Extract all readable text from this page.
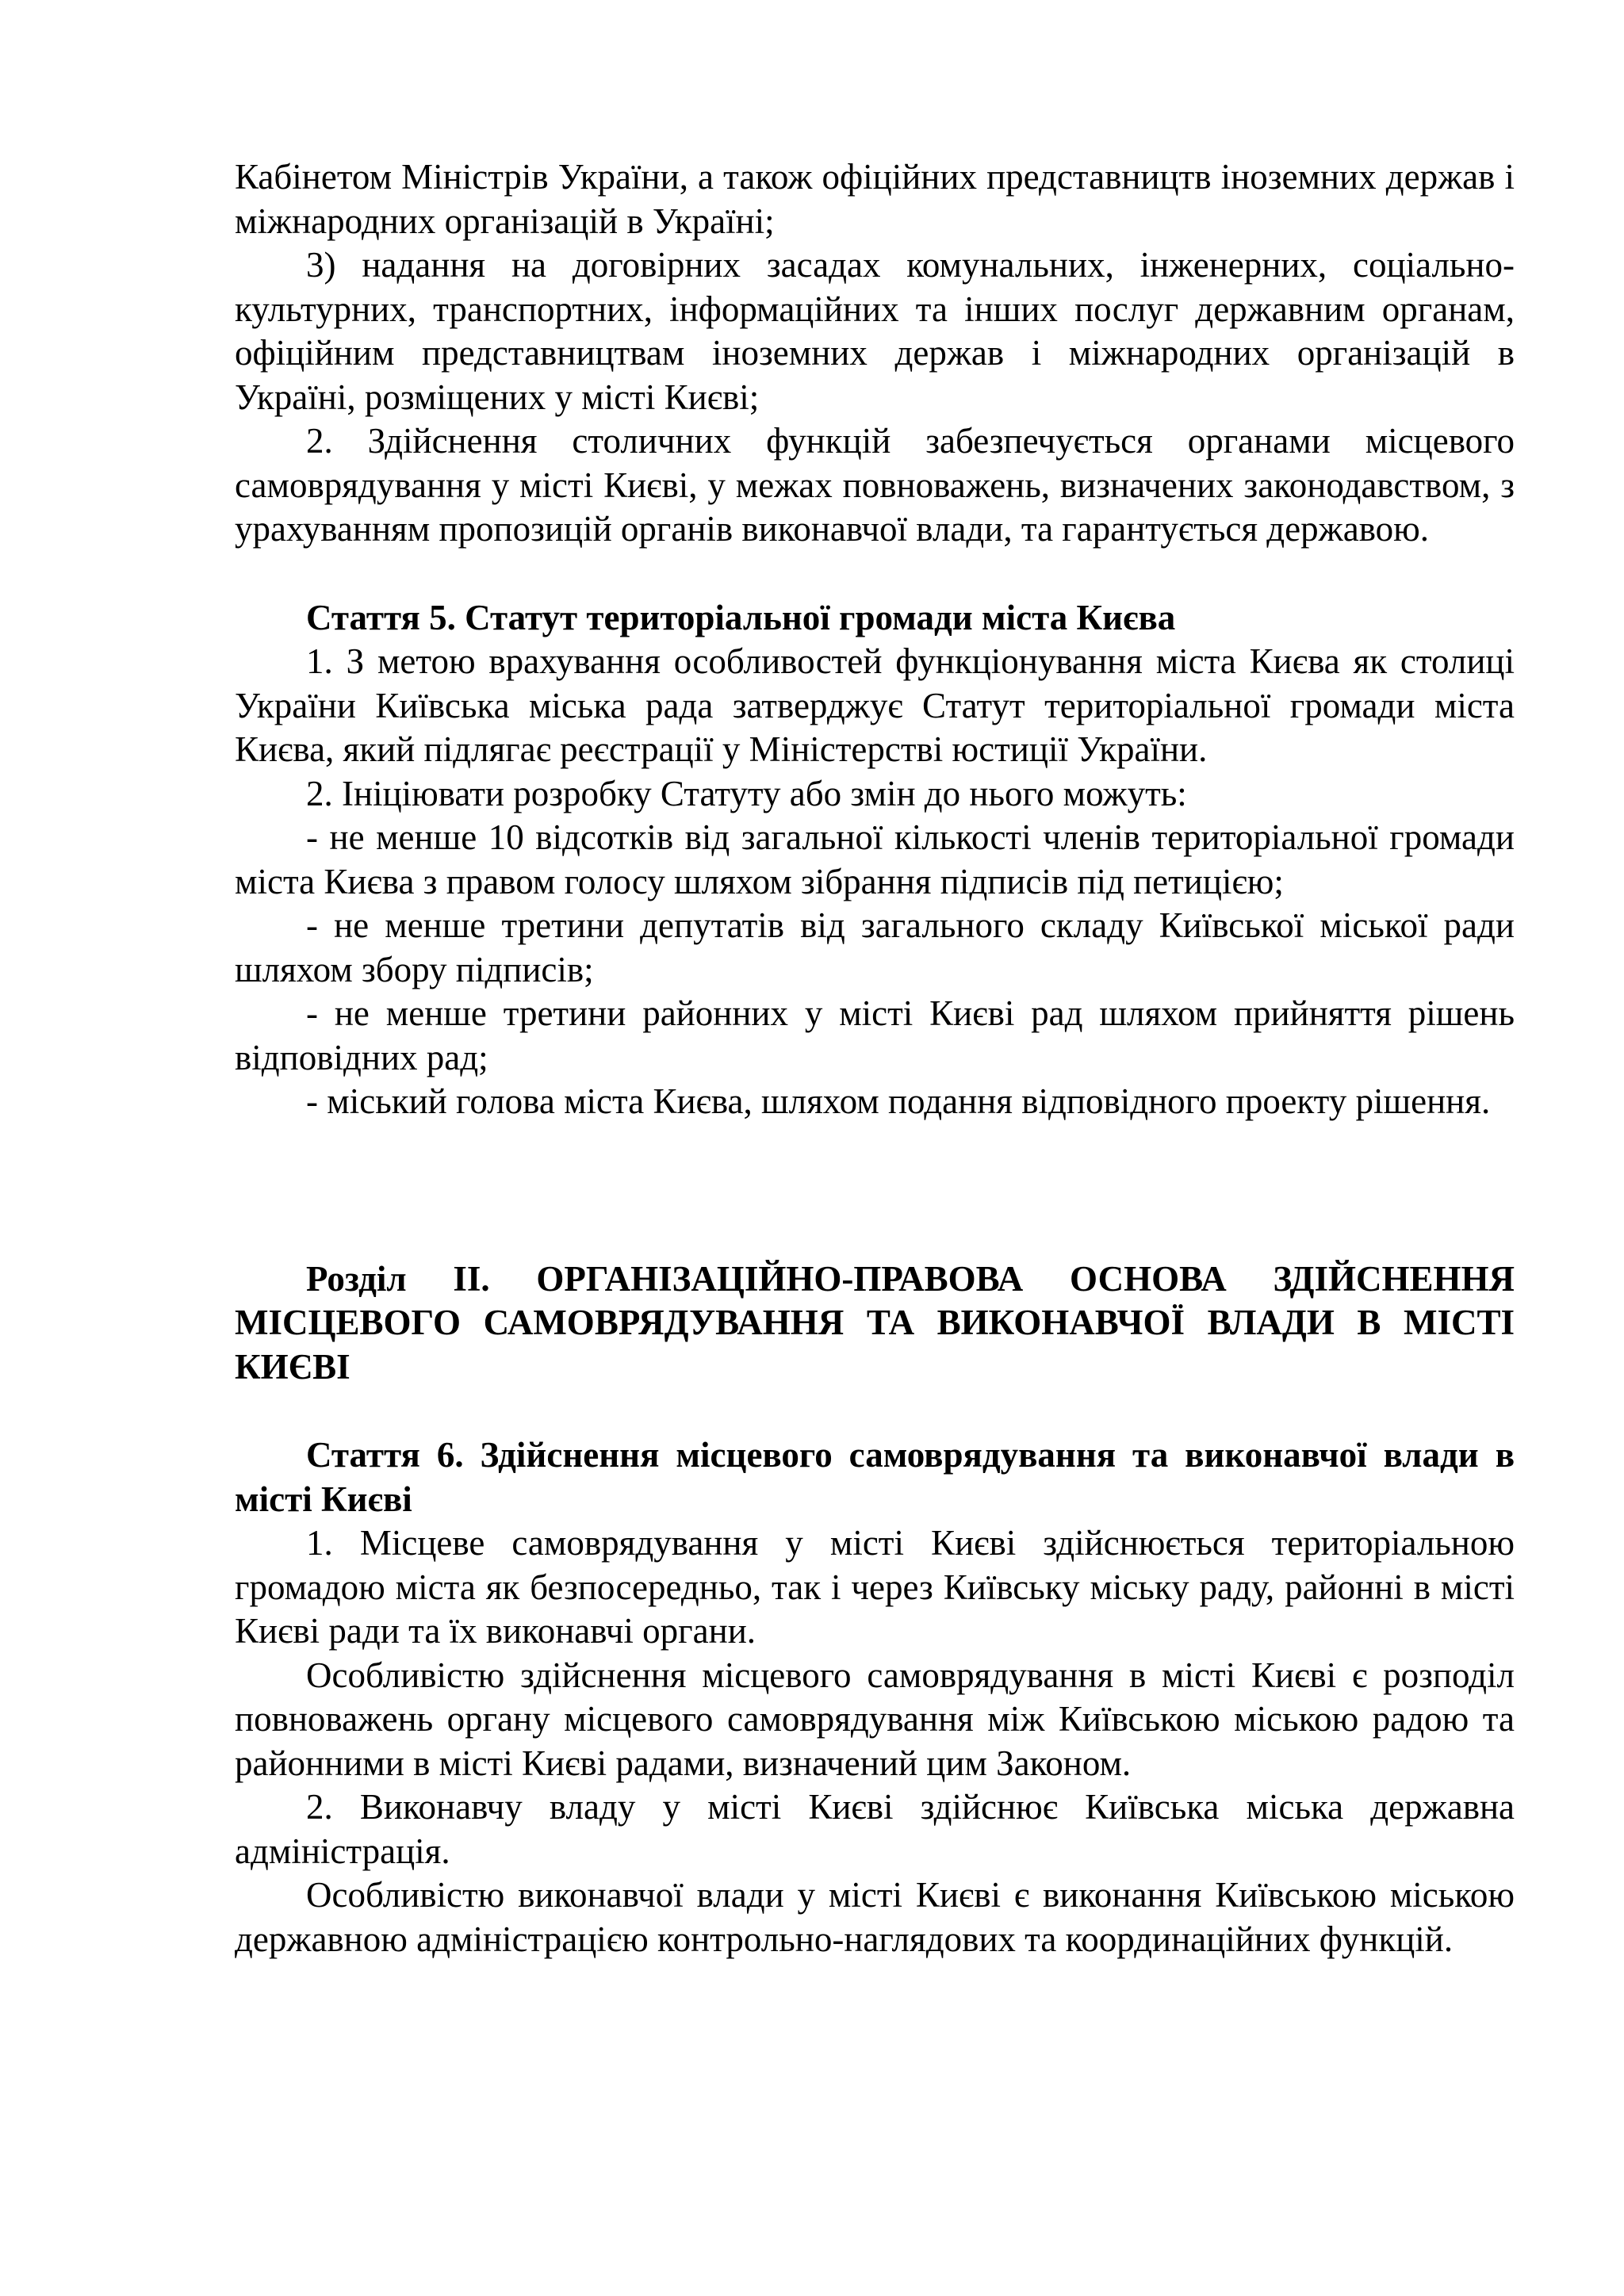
Кабінетом Міністрів України, а також офіційних представництв іноземних держав і міжнародних організацій в Україні;

3) надання на договірних засадах комунальних, інженерних, соціально-культурних, транспортних, інформаційних та інших послуг державним органам, офіційним представництвам іноземних держав і міжнародних організацій в Україні, розміщених у місті Києві;

2. Здійснення столичних функцій забезпечується органами місцевого самоврядування у місті Києві, у межах повноважень, визначених законодавством, з урахуванням пропозицій органів виконавчої влади, та гарантується державою.

Стаття 5. Статут територіальної громади міста Києва

1. З метою врахування особливостей функціонування міста Києва як столиці України Київська міська рада затверджує Статут територіальної громади міста Києва, який підлягає реєстрації у Міністерстві юстиції України.

2. Ініціювати розробку Статуту або змін до нього можуть:

- не менше 10 відсотків від загальної кількості членів територіальної громади міста Києва з правом голосу шляхом зібрання підписів під петицією;

- не менше третини депутатів від загального складу Київської міської ради шляхом збору підписів;

- не менше третини районних у місті Києві рад шляхом прийняття рішень відповідних рад;

- міський голова міста Києва, шляхом подання відповідного проекту рішення.

Розділ ІІ. ОРГАНІЗАЦІЙНО-ПРАВОВА ОСНОВА ЗДІЙСНЕННЯ МІСЦЕВОГО САМОВРЯДУВАННЯ ТА ВИКОНАВЧОЇ ВЛАДИ В МІСТІ КИЄВІ

Стаття 6. Здійснення місцевого самоврядування та виконавчої влади в місті Києві

1. Місцеве самоврядування у місті Києві здійснюється територіальною громадою міста як безпосередньо, так і через Київську міську раду, районні в місті Києві ради та їх виконавчі органи.

Особливістю здійснення місцевого самоврядування в місті Києві є розподіл повноважень органу місцевого самоврядування між Київською міською радою та районними в місті Києві радами, визначений цим Законом.

2. Виконавчу владу у місті Києві здійснює Київська міська державна адміністрація.

Особливістю виконавчої влади у місті Києві є виконання Київською міською державною адміністрацією контрольно-наглядових та координаційних функцій.
